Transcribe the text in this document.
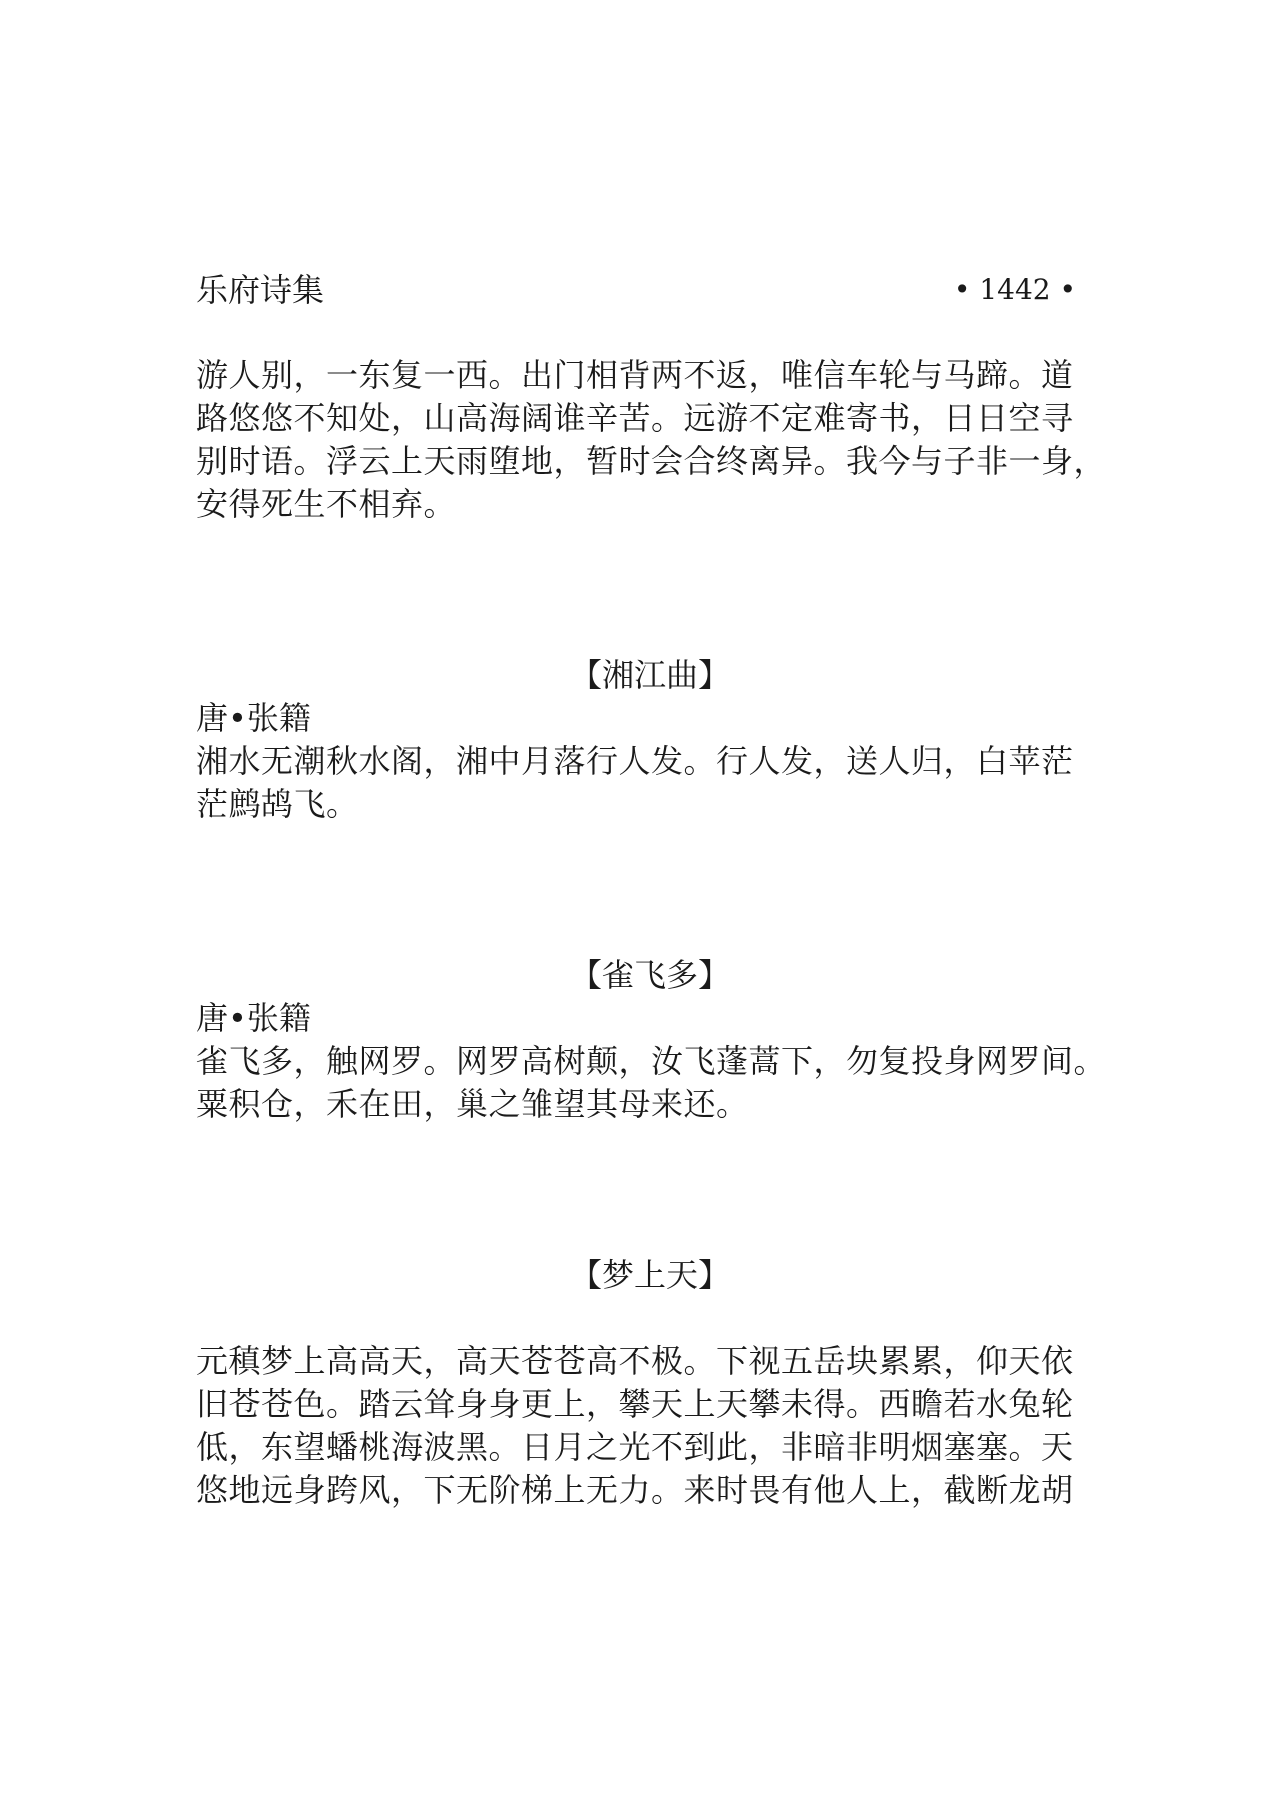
乐府诗集	• 1442 •
游人别，一东复一西。出门相背两不返，唯信车轮与马蹄。道
路悠悠不知处，山高海阔谁辛苦。远游不定难寄书，日日空寻
别时语。浮云上天雨堕地，暂时会合终离异。我今与子非一身，
安得死生不相弃。
【湘江曲】
唐•张籍
湘水无潮秋水阁，湘中月落行人发。行人发，送人归，白苹茫
茫鹧鸪飞。
【雀飞多】
唐•张籍
雀飞多，触网罗。网罗高树颠，汝飞蓬蒿下，勿复投身网罗间。
粟积仓，禾在田，巢之雏望其母来还。
【梦上天】
元稹梦上高高天，高天苍苍高不极。下视五岳块累累，仰天依
旧苍苍色。踏云耸身身更上，攀天上天攀未得。西瞻若水兔轮
低，东望蟠桃海波黑。日月之光不到此，非暗非明烟塞塞。天
悠地远身跨风，下无阶梯上无力。来时畏有他人上，截断龙胡
